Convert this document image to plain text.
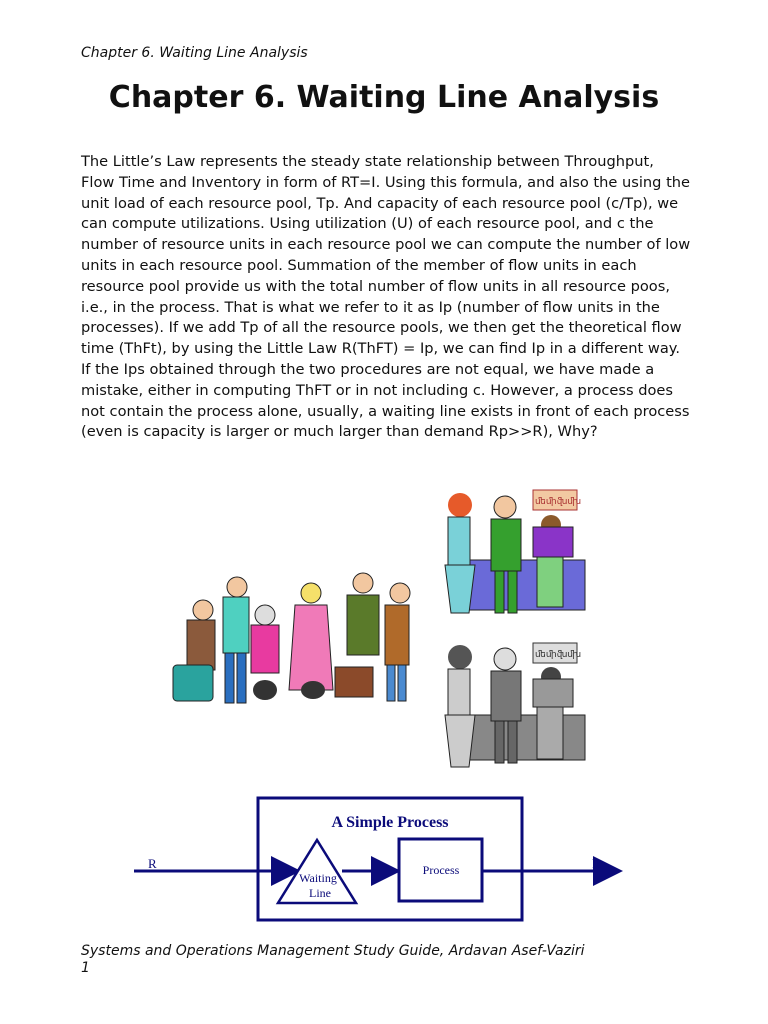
Chapter 6. Waiting Line Analysis
Chapter 6. Waiting Line Analysis

The Little’s Law represents the steady state relationship between Throughput, Flow Time and Inventory in form of RT=I. Using this formula, and also the using the unit load of each resource pool, Tp. And capacity of each resource pool (c/Tp), we can compute utilizations. Using utilization (U) of each resource pool, and c the number of resource units in each resource pool we can compute the number of low units in each resource pool. Summation of the member of flow units in each resource pool provide us with the total number of flow units in all resource poos, i.e., in the process. That is what we refer to it as Ip (number of flow units in the processes). If we add Tp of all the resource pools, we then get the theoretical flow time (ThFt), by using the Little Law R(ThFT) = Ip, we can find Ip in a different way. If the Ips obtained through the two procedures are not equal, we have made a mistake, either in computing ThFT or in not including c. However, a process does not contain the process alone, usually, a waiting line exists in front of each process (even is capacity is larger or much larger than demand Rp>>R), Why?

ﬔﬕﬖﬗ
ﬔﬕﬖﬗ
A Simple Process
R
Waiting
Line
Process	R
Systems and Operations Management Study Guide, Ardavan Asef-Vaziri
1
